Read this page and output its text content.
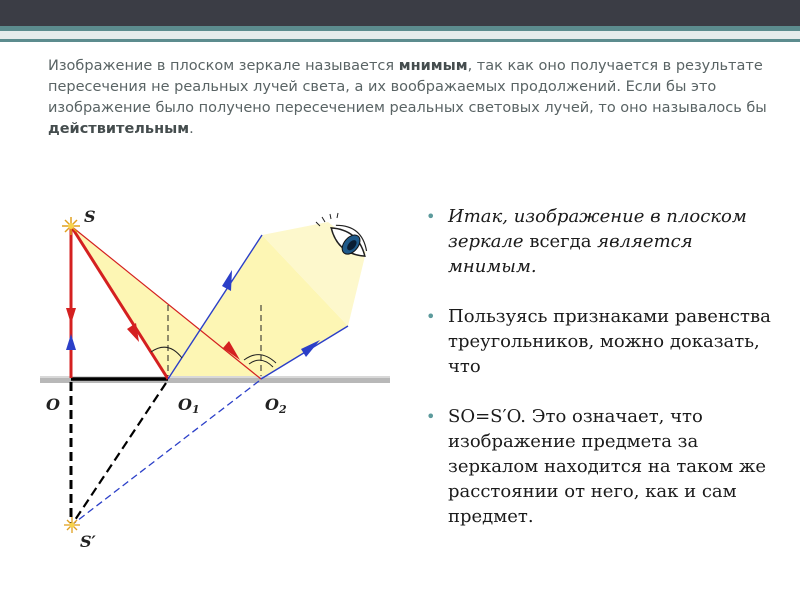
Изображение в плоском зеркале называется мнимым, так как оно получается в результате пересечения не реальных лучей света, а их воображаемых продолжений. Если бы это изображение было получено пересечением реальных световых лучей, то оно называлось бы действительным.

S
O	O1	O2
S′
• Итак, изображение в плоском зеркале всегда является мнимым.
• Пользуясь признаками равенства треугольников, можно доказать, что
• SO=S′O. Это означает, что изображение предмета за зеркалом находится на таком же расстоянии от него, как и сам предмет.
